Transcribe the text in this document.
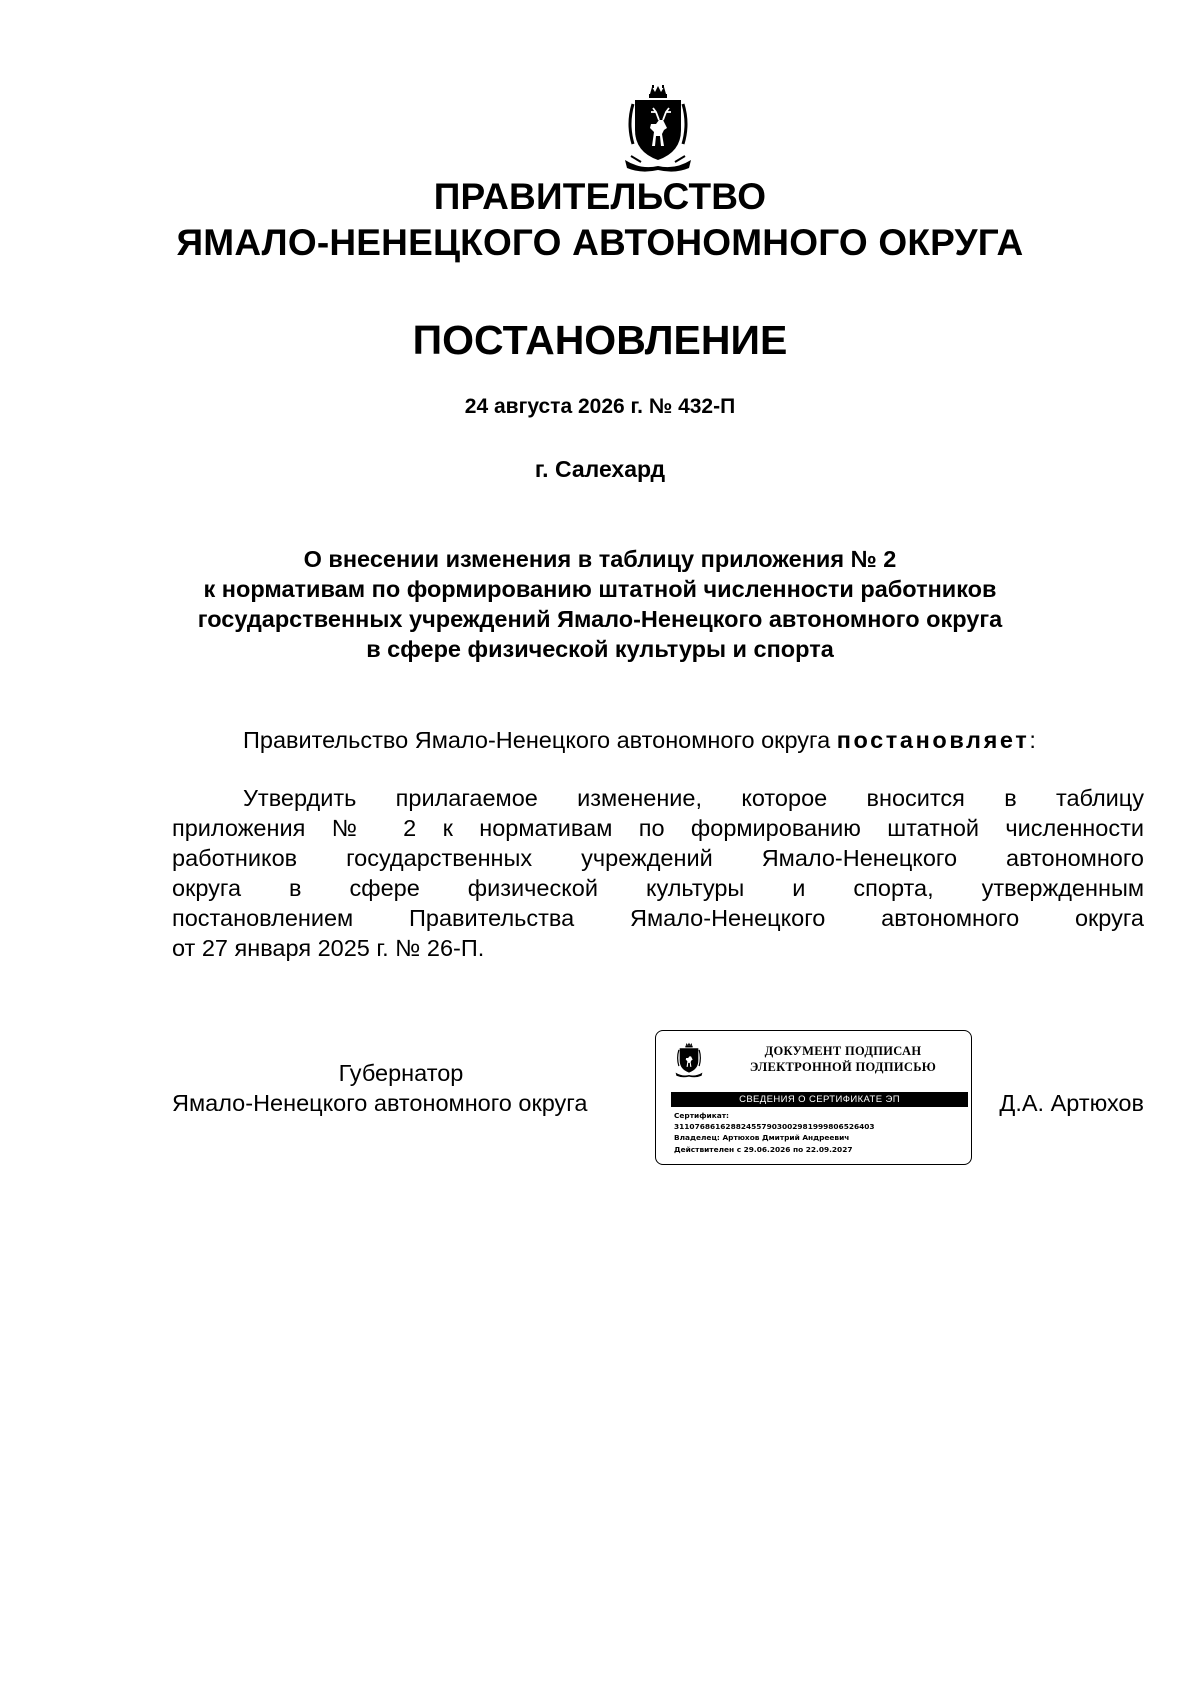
ПРАВИТЕЛЬСТВО
ЯМАЛО-НЕНЕЦКОГО АВТОНОМНОГО ОКРУГА
ПОСТАНОВЛЕНИЕ
24 августа 2026 г. № 432-П
г. Салехард
О внесении изменения в таблицу приложения № 2
к нормативам по формированию штатной численности работников
государственных учреждений Ямало-Ненецкого автономного округа
в сфере физической культуры и спорта
Правительство Ямало-Ненецкого автономного округа постановляет:
Утвердить прилагаемое изменение, которое вносится в таблицу
приложения № 2 к нормативам по формированию штатной численности
работников государственных учреждений Ямало-Ненецкого автономного
округа в сфере физической культуры и спорта, утвержденным
постановлением Правительства Ямало-Ненецкого автономного округа
от 27 января 2025 г. № 26-П.
Губернатор
Ямало-Ненецкого автономного округа	Д.А. Артюхов
ДОКУМЕНТ ПОДПИСАН
ЭЛЕКТРОННОЙ ПОДПИСЬЮ
СВЕДЕНИЯ О СЕРТИФИКАТЕ ЭП
Сертификат:
311076861628824557903002981999806526403
Владелец: Артюхов Дмитрий Андреевич
Действителен с 29.06.2026 по 22.09.2027
